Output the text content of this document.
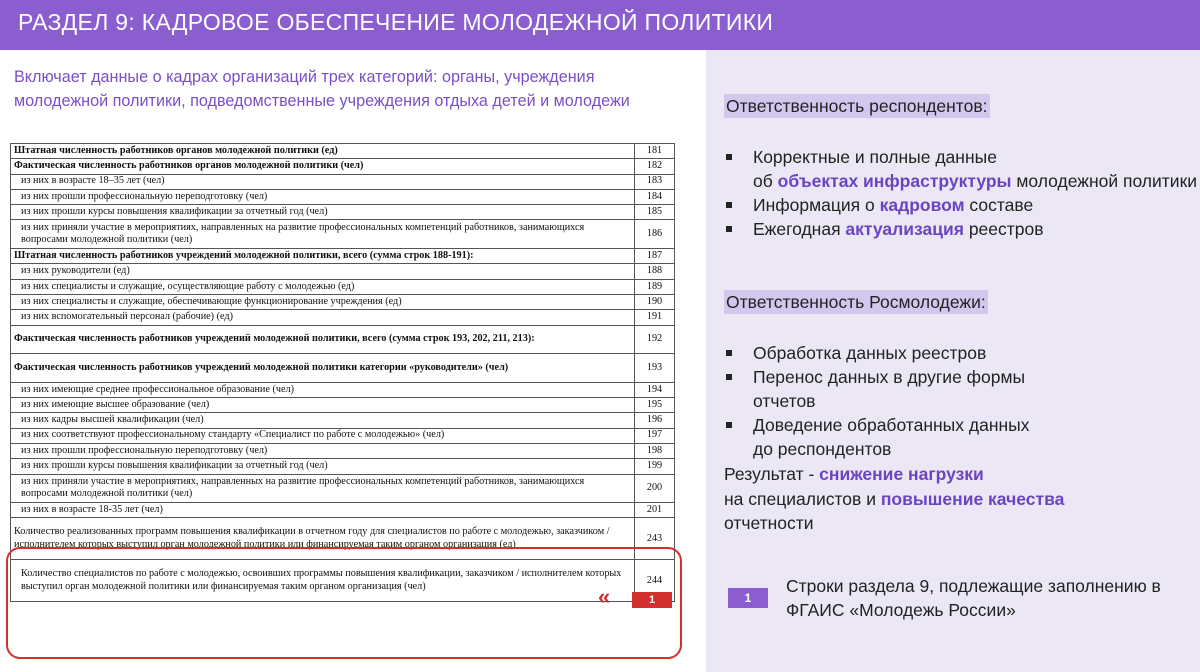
РАЗДЕЛ 9: КАДРОВОЕ ОБЕСПЕЧЕНИЕ МОЛОДЕЖНОЙ ПОЛИТИКИ
Включает данные о кадрах организаций трех категорий: органы, учреждения молодежной политики, подведомственные учреждения отдыха детей и молодежи
Штатная численность работников органов молодежной политики (ед)	181
Фактическая численность работников органов молодежной политики (чел)	182
из них в возрасте 18–35 лет (чел)	183
из них прошли профессиональную переподготовку (чел)	184
из них прошли курсы повышения квалификации за отчетный год (чел)	185
из них приняли участие в мероприятиях, направленных на развитие профессиональных компетенций работников, занимающихся вопросами молодежной политики (чел)	186
Штатная численность работников учреждений молодежной политики, всего (сумма строк 188-191):	187
из них руководители (ед)	188
из них специалисты и служащие, осуществляющие работу с молодежью (ед)	189
из них специалисты и служащие, обеспечивающие функционирование учреждения (ед)	190
из них вспомогательный персонал (рабочие) (ед)	191
Фактическая численность работников учреждений молодежной политики, всего (сумма строк 193, 202, 211, 213):	192
Фактическая численность работников учреждений молодежной политики категории «руководители» (чел)	193
из них имеющие среднее профессиональное образование (чел)	194
из них имеющие высшее образование (чел)	195
из них кадры высшей квалификации (чел)	196
из них соответствуют профессиональному стандарту «Специалист по работе с молодежью» (чел)	197
из них прошли профессиональную переподготовку (чел)	198
из них прошли курсы повышения квалификации за отчетный год (чел)	199
из них приняли участие в мероприятиях, направленных на развитие профессиональных компетенций работников, занимающихся вопросами молодежной политики (чел)	200
из них в возрасте 18-35 лет (чел)	201
Количество реализованных программ повышения квалификации в отчетном году для специалистов по работе с молодежью, заказчиком / исполнителем которых выступил орган молодежной политики или финансируемая таким органом организация (ед)	243
Количество специалистов по работе с молодежью, освоивших программы повышения квалификации, заказчиком / исполнителем которых выступил орган молодежной политики или финансируемая таким органом организация (чел)	244
«	1
Ответственность респондентов:
Корректные и полные данные
об объектах инфраструктуры молодежной политики
Информация о кадровом составе
Ежегодная актуализация реестров
Ответственность Росмолодежи:
Обработка данных реестров
Перенос данных в другие формы отчетов
Доведение обработанных данных до респондентов
Результат - снижение нагрузки
на специалистов и повышение качества
отчетности
1
Строки раздела 9, подлежащие заполнению в ФГАИС «Молодежь России»
